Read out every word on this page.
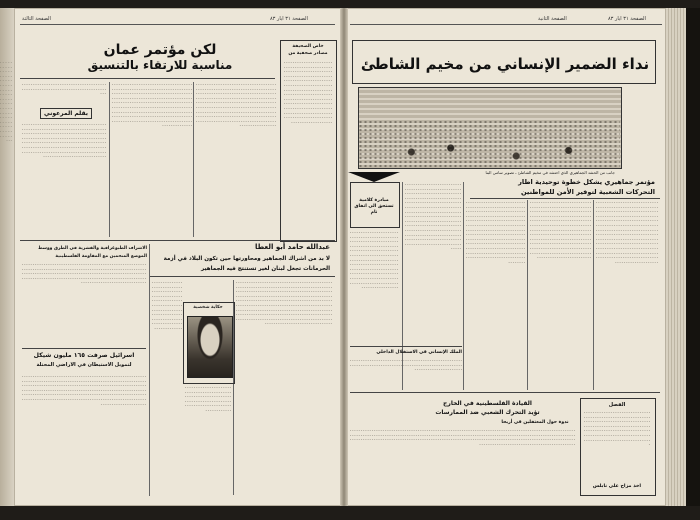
الصفحة ٣١ ايار ٨٣
الصفحة الثالثة
لكن مؤتمر عمان
مناسبة للارتقاء بالتنسيق
خاص الصحيفة
مصادر صحفية من
ـ ـ ـ ـ ـ ـ ـ ـ ـ ـ ـ ـ ـ ـ ـ ـ ـ ـ ـ ـ ـ ـ ـ ـ ـ ـ ـ ـ ـ ـ ـ ـ ـ ـ ـ ـ ـ ـ ـ ـ ـ ـ ـ ـ ـ ـ ـ ـ ـ ـ ـ ـ ـ ـ ـ ـ ـ ـ ـ ـ ـ ـ ـ ـ ـ ـ ـ ـ ـ ـ ـ ـ ـ ـ ـ ـ ـ ـ ـ ـ ـ ـ ـ ـ ـ ـ ـ ـ ـ ـ ـ ـ ـ ـ ـ ـ ـ ـ ـ ـ ـ ـ ـ ـ ـ ـ ـ ـ ـ ـ ـ ـ ـ ـ ـ ـ ـ ـ ـ ـ ـ ـ ـ ـ ـ ـ ـ ـ ـ ـ ـ ـ ـ ـ ـ ـ ـ ـ ـ ـ ـ ـ ـ ـ ـ ـ ـ ـ ـ ـ ـ ـ ـ ـ ـ ـ ـ ـ ـ ـ ـ ـ ـ ـ ـ ـ ـ ـ ـ ـ ـ ـ ـ ـ ـ ـ ـ ـ ـ ـ ـ ـ ـ ـ ـ ـ ـ ـ ـ ـ ـ ـ ـ ـ ـ ـ ـ ـ ـ ـ ـ ـ ـ ـ ـ ـ ـ ـ ـ ـ ـ ـ ـ ـ ـ ـ ـ ـ ـ ـ ـ ـ ـ ـ ـ ـ ـ ـ ـ ـ ـ ـ ـ ـ ـ ـ ـ ـ ـ ـ ـ ـ ـ ـ ـ ـ ـ ـ ـ ـ ـ ـ ـ ـ ـ ـ ـ ـ ـ ـ ـ ـ ـ ـ ـ ـ ـ ـ ـ ـ ـ ـ ـ ـ ـ ـ ـ ـ ـ ـ ـ ـ ـ ـ ـ ـ ـ ـ ـ ـ ـ ـ ـ ـ ـ ـ ـ ـ ـ ـ ـ ـ ـ ـ ـ
ـ ـ ـ ـ ـ ـ ـ ـ ـ ـ ـ ـ ـ ـ ـ ـ ـ ـ ـ ـ ـ ـ ـ ـ ـ ـ ـ ـ ـ ـ ـ ـ ـ ـ ـ ـ ـ ـ ـ ـ ـ ـ ـ ـ ـ ـ ـ ـ ـ ـ ـ ـ ـ ـ ـ ـ ـ ـ ـ ـ ـ ـ ـ ـ ـ ـ ـ ـ ـ ـ ـ ـ ـ ـ ـ ـ ـ ـ ـ ـ ـ ـ ـ ـ ـ ـ ـ ـ ـ ـ ـ ـ ـ ـ ـ ـ ـ ـ ـ ـ ـ ـ ـ ـ ـ ـ ـ ـ ـ ـ ـ ـ ـ ـ ـ ـ ـ ـ ـ ـ ـ ـ ـ ـ ـ ـ ـ ـ ـ ـ ـ ـ ـ ـ ـ ـ ـ ـ ـ ـ ـ ـ ـ ـ ـ ـ ـ ـ ـ ـ ـ ـ ـ ـ ـ ـ ـ ـ ـ ـ ـ ـ ـ ـ ـ ـ ـ ـ ـ ـ ـ ـ ـ ـ ـ ـ ـ ـ ـ ـ ـ ـ ـ ـ ـ ـ ـ ـ ـ ـ ـ ـ ـ ـ ـ ـ ـ ـ ـ ـ ـ ـ ـ ـ ـ ـ ـ ـ ـ ـ ـ ـ ـ ـ ـ ـ ـ ـ ـ ـ ـ ـ ـ ـ ـ ـ ـ ـ ـ ـ ـ ـ ـ ـ ـ ـ ـ ـ ـ ـ ـ ـ ـ ـ ـ ـ ـ ـ ـ ـ ـ ـ ـ ـ ـ ـ ـ ـ ـ ـ ـ ـ ـ ـ ـ ـ ـ ـ ـ ـ ـ ـ ـ ـ ـ ـ ـ ـ ـ ـ ـ ـ ـ ـ ـ ـ ـ ـ ـ ـ ـ ـ ـ ـ ـ ـ ـ ـ ـ ـ ـ ـ ـ ـ ـ ـ ـ ـ ـ ـ ـ ـ ـ ـ ـ ـ ـ ـ ـ ـ ـ ـ ـ ـ ـ ـ ـ ـ ـ ـ ـ ـ ـ ـ ـ ـ ـ ـ ـ ـ ـ
ـ ـ ـ ـ ـ ـ ـ ـ ـ ـ ـ ـ ـ ـ ـ ـ ـ ـ ـ ـ ـ ـ ـ ـ ـ ـ ـ ـ ـ ـ ـ ـ ـ ـ ـ ـ ـ ـ ـ ـ ـ ـ ـ ـ ـ ـ ـ ـ ـ ـ ـ ـ ـ ـ ـ ـ ـ ـ ـ ـ ـ ـ ـ ـ ـ ـ ـ ـ ـ ـ ـ ـ ـ ـ ـ ـ ـ ـ ـ ـ ـ ـ ـ ـ ـ ـ ـ ـ ـ ـ ـ ـ ـ ـ ـ ـ ـ ـ ـ ـ ـ ـ ـ ـ ـ ـ ـ ـ ـ ـ ـ ـ ـ ـ ـ ـ ـ ـ ـ ـ ـ ـ ـ ـ ـ ـ ـ ـ ـ ـ ـ ـ ـ ـ ـ ـ ـ ـ ـ ـ ـ ـ ـ ـ ـ ـ ـ ـ ـ ـ ـ ـ ـ ـ ـ ـ ـ ـ ـ ـ ـ ـ ـ ـ ـ ـ ـ ـ ـ ـ ـ ـ ـ ـ ـ ـ ـ ـ ـ ـ ـ ـ ـ ـ ـ ـ ـ ـ ـ ـ ـ ـ ـ ـ ـ ـ ـ ـ ـ ـ ـ ـ ـ ـ ـ ـ ـ ـ ـ ـ ـ ـ ـ ـ ـ ـ ـ ـ ـ ـ ـ ـ ـ ـ ـ ـ ـ ـ ـ ـ ـ ـ ـ ـ ـ ـ ـ ـ ـ ـ ـ ـ ـ ـ ـ ـ ـ ـ ـ ـ ـ ـ ـ ـ ـ ـ ـ ـ ـ ـ ـ ـ ـ ـ ـ ـ ـ ـ ـ ـ ـ ـ ـ ـ ـ ـ ـ ـ ـ ـ ـ ـ ـ ـ ـ ـ ـ ـ ـ ـ ـ ـ ـ ـ ـ ـ ـ ـ ـ ـ ـ ـ ـ ـ ـ ـ ـ ـ ـ ـ ـ ـ ـ ـ ـ ـ ـ ـ ـ ـ ـ ـ ـ ـ ـ ـ ـ ـ ـ ـ ـ ـ ـ ـ ـ ـ ـ ـ
بقلم المرعوني
ـ ـ ـ ـ ـ ـ ـ ـ ـ ـ ـ ـ ـ ـ ـ ـ ـ ـ ـ ـ ـ ـ ـ ـ ـ ـ ـ ـ ـ ـ ـ ـ ـ ـ ـ ـ ـ ـ ـ ـ ـ ـ ـ ـ ـ ـ ـ ـ ـ ـ ـ ـ ـ ـ ـ ـ ـ ـ ـ ـ ـ ـ ـ ـ ـ ـ ـ ـ ـ ـ ـ ـ ـ ـ ـ ـ ـ ـ ـ
ـ ـ ـ ـ ـ ـ ـ ـ ـ ـ ـ ـ ـ ـ ـ ـ ـ ـ ـ ـ ـ ـ ـ ـ ـ ـ ـ ـ ـ ـ ـ ـ ـ ـ ـ ـ ـ ـ ـ ـ ـ ـ ـ ـ ـ ـ ـ ـ ـ ـ ـ ـ ـ ـ ـ ـ ـ ـ ـ ـ ـ ـ ـ ـ ـ ـ ـ ـ ـ ـ ـ ـ ـ ـ ـ ـ ـ ـ ـ ـ ـ ـ ـ ـ ـ ـ ـ ـ ـ ـ ـ ـ ـ ـ ـ ـ ـ ـ ـ ـ ـ ـ ـ ـ ـ ـ ـ ـ ـ ـ ـ ـ ـ ـ ـ ـ ـ ـ ـ ـ ـ ـ ـ ـ ـ ـ ـ ـ ـ ـ ـ ـ ـ ـ ـ ـ ـ ـ ـ ـ ـ ـ ـ ـ ـ ـ ـ ـ ـ ـ ـ ـ ـ ـ ـ ـ ـ ـ ـ ـ ـ ـ ـ ـ ـ ـ ـ ـ ـ ـ ـ ـ ـ ـ ـ ـ ـ ـ ـ ـ ـ ـ ـ ـ ـ ـ ـ ـ ـ ـ ـ ـ ـ ـ ـ ـ ـ ـ ـ ـ ـ ـ ـ ـ ـ ـ ـ ـ ـ ـ ـ ـ ـ ـ ـ ـ ـ ـ ـ ـ ـ ـ ـ ـ ـ ـ ـ ـ ـ ـ ـ ـ ـ ـ ـ ـ ـ ـ ـ ـ ـ ـ ـ ـ ـ ـ ـ ـ ـ ـ ـ ـ ـ ـ ـ ـ ـ ـ ـ ـ ـ ـ ـ ـ ـ ـ ـ ـ ـ ـ ـ ـ ـ ـ ـ ـ ـ ـ ـ ـ ـ ـ ـ ـ ـ ـ ـ ـ ـ ـ ـ ـ ـ ـ ـ
عبدالله حامد أبو العطا
لا بد من اشراك الجماهير ومحاورتها حين تكون البلاد في أزمة
الحرمانات تجعل لبنان لغير تستنتج فيه الجماهير
الاشراف الطبوغرافية والقشرية في الطرق ووسط
الموضع المتحمين مع المقاومة الفلسطينية
ـ ـ ـ ـ ـ ـ ـ ـ ـ ـ ـ ـ ـ ـ ـ ـ ـ ـ ـ ـ ـ ـ ـ ـ ـ ـ ـ ـ ـ ـ ـ ـ ـ ـ ـ ـ ـ ـ ـ ـ ـ ـ ـ ـ ـ ـ ـ ـ ـ ـ ـ ـ ـ ـ ـ ـ ـ ـ ـ ـ ـ ـ ـ ـ ـ ـ ـ ـ ـ ـ ـ ـ ـ ـ ـ ـ ـ ـ ـ ـ ـ ـ ـ ـ ـ ـ ـ ـ ـ ـ ـ ـ ـ ـ ـ ـ ـ ـ ـ ـ ـ ـ ـ ـ ـ ـ ـ ـ ـ ـ ـ ـ ـ ـ ـ ـ ـ ـ ـ ـ ـ ـ ـ ـ ـ ـ ـ ـ ـ ـ ـ ـ ـ ـ ـ ـ ـ ـ ـ ـ ـ ـ ـ ـ ـ ـ ـ ـ ـ ـ ـ ـ ـ ـ ـ ـ ـ ـ ـ ـ ـ ـ ـ ـ ـ ـ ـ ـ ـ ـ ـ ـ ـ ـ ـ ـ ـ ـ ـ ـ ـ ـ ـ ـ ـ ـ ـ ـ ـ ـ ـ ـ ـ ـ ـ ـ ـ ـ ـ ـ ـ ـ ـ ـ ـ ـ ـ ـ ـ ـ ـ ـ ـ ـ ـ ـ ـ ـ ـ ـ ـ ـ ـ ـ ـ ـ ـ ـ ـ ـ ـ ـ ـ ـ ـ ـ ـ ـ ـ ـ ـ ـ ـ ـ ـ ـ ـ ـ ـ ـ ـ ـ ـ ـ ـ ـ ـ ـ ـ ـ ـ ـ ـ ـ ـ ـ ـ ـ ـ ـ ـ ـ ـ ـ ـ ـ ـ ـ ـ ـ ـ ـ ـ ـ ـ ـ ـ ـ ـ ـ ـ ـ ـ ـ ـ ـ ـ ـ ـ ـ ـ ـ ـ ـ ـ ـ ـ ـ ـ ـ ـ ـ ـ ـ ـ ـ ـ ـ ـ ـ ـ ـ ـ ـ ـ ـ ـ ـ ـ ـ ـ ـ ـ ـ ـ ـ ـ ـ ـ ـ ـ ـ ـ ـ ـ ـ ـ ـ ـ ـ ـ ـ ـ ـ ـ ـ ـ ـ ـ ـ ـ ـ ـ ـ ـ ـ ـ ـ ـ ـ ـ ـ ـ ـ ـ ـ ـ ـ ـ ـ ـ ـ ـ ـ ـ ـ ـ ـ ـ ـ ـ ـ ـ ـ ـ ـ ـ ـ ـ ـ ـ ـ ـ ـ ـ ـ ـ ـ ـ ـ ـ ـ ـ ـ ـ ـ ـ ـ ـ ـ ـ ـ ـ ـ ـ ـ ـ
حكاية شخصية
ـ ـ ـ ـ ـ ـ ـ ـ ـ ـ ـ ـ ـ ـ ـ ـ ـ ـ ـ ـ ـ ـ ـ ـ ـ ـ ـ ـ ـ ـ ـ ـ ـ ـ ـ ـ ـ ـ ـ ـ ـ ـ ـ ـ ـ ـ ـ ـ ـ ـ ـ ـ ـ ـ ـ ـ ـ ـ ـ ـ ـ ـ ـ ـ ـ ـ ـ ـ ـ ـ ـ ـ ـ ـ ـ ـ ـ ـ ـ ـ ـ ـ ـ ـ ـ ـ ـ ـ ـ ـ ـ ـ ـ ـ ـ ـ ـ ـ ـ ـ ـ ـ ـ ـ ـ ـ ـ ـ ـ ـ ـ ـ ـ ـ ـ ـ ـ ـ ـ ـ ـ ـ ـ ـ ـ ـ ـ ـ ـ ـ ـ ـ ـ ـ ـ ـ ـ ـ ـ ـ ـ ـ ـ ـ ـ ـ ـ ـ ـ ـ ـ ـ ـ
ـ ـ ـ ـ ـ ـ ـ ـ ـ ـ ـ ـ ـ ـ ـ ـ ـ ـ ـ ـ ـ ـ ـ ـ ـ ـ ـ ـ ـ ـ ـ ـ ـ ـ ـ ـ ـ ـ ـ ـ ـ ـ ـ ـ ـ ـ ـ ـ ـ ـ ـ ـ ـ ـ ـ ـ ـ ـ ـ ـ ـ ـ ـ ـ ـ ـ ـ ـ ـ ـ ـ ـ ـ ـ ـ ـ ـ ـ ـ ـ ـ ـ ـ ـ ـ ـ ـ ـ ـ ـ ـ ـ ـ ـ ـ ـ ـ ـ ـ ـ ـ ـ ـ ـ ـ ـ ـ ـ ـ ـ ـ ـ ـ ـ ـ ـ ـ
ـ ـ ـ ـ ـ ـ ـ ـ ـ ـ ـ ـ ـ ـ ـ ـ ـ ـ ـ ـ ـ ـ ـ ـ ـ ـ ـ ـ ـ ـ ـ ـ ـ ـ ـ ـ ـ ـ ـ ـ ـ ـ ـ ـ ـ ـ ـ ـ ـ ـ ـ ـ ـ ـ ـ ـ ـ ـ ـ ـ ـ ـ ـ ـ ـ ـ ـ ـ ـ ـ ـ ـ ـ ـ ـ ـ ـ ـ ـ ـ ـ ـ ـ ـ ـ ـ ـ ـ ـ ـ ـ ـ ـ ـ ـ ـ ـ ـ ـ ـ ـ ـ ـ ـ ـ ـ ـ ـ ـ ـ ـ ـ ـ ـ ـ ـ ـ ـ ـ ـ ـ ـ ـ ـ ـ ـ ـ ـ ـ ـ ـ ـ ـ ـ ـ ـ ـ ـ ـ ـ ـ ـ ـ ـ ـ ـ ـ ـ ـ ـ ـ ـ ـ ـ ـ ـ ـ ـ ـ ـ ـ ـ ـ ـ ـ ـ ـ ـ ـ ـ ـ ـ ـ ـ ـ ـ ـ ـ ـ ـ ـ ـ ـ ـ ـ ـ ـ ـ ـ ـ ـ ـ ـ ـ ـ ـ ـ ـ ـ ـ ـ ـ ـ ـ ـ ـ ـ ـ ـ ـ ـ ـ ـ ـ ـ ـ ـ ـ ـ ـ ـ ـ ـ ـ ـ ـ ـ ـ ـ ـ ـ ـ ـ ـ ـ ـ ـ ـ ـ ـ ـ ـ ـ ـ ـ ـ ـ ـ ـ ـ ـ ـ ـ ـ ـ ـ ـ ـ
اسرائيل صرفت ١٦٥ مليون شيكل
لتمويل الاستيطان في الاراضي المحتلة
ـ ـ ـ ـ ـ ـ ـ ـ ـ ـ ـ ـ ـ ـ ـ ـ ـ ـ ـ ـ ـ ـ ـ ـ ـ ـ ـ ـ ـ ـ ـ ـ ـ ـ ـ ـ ـ ـ ـ ـ ـ ـ ـ ـ ـ ـ ـ ـ ـ ـ ـ ـ ـ ـ ـ ـ ـ ـ ـ ـ ـ ـ ـ ـ ـ ـ ـ ـ ـ ـ ـ ـ ـ ـ ـ ـ ـ ـ ـ ـ ـ ـ ـ ـ ـ ـ ـ ـ ـ ـ ـ ـ ـ ـ ـ ـ ـ ـ ـ ـ ـ ـ ـ ـ ـ ـ ـ ـ ـ ـ ـ ـ ـ ـ ـ ـ ـ ـ ـ ـ ـ ـ ـ ـ ـ ـ ـ ـ ـ ـ ـ ـ ـ ـ ـ ـ ـ ـ ـ ـ ـ ـ ـ ـ ـ ـ ـ ـ ـ ـ ـ ـ ـ ـ ـ ـ ـ ـ ـ ـ ـ ـ ـ ـ ـ ـ ـ ـ ـ ـ ـ ـ ـ ـ ـ ـ ـ ـ ـ ـ ـ ـ ـ ـ ـ ـ ـ ـ ـ ـ ـ ـ ـ ـ ـ ـ ـ ـ ـ ـ ـ ـ ـ ـ ـ ـ ـ ـ ـ ـ ـ ـ ـ ـ ـ ـ ـ ـ ـ ـ ـ ـ ـ ـ ـ ـ ـ ـ ـ ـ ـ ـ ـ ـ ـ ـ ـ ـ ـ ـ ـ ـ ـ ـ ـ ـ ـ ـ ـ ـ ـ ـ ـ ـ ـ ـ ـ ـ ـ ـ ـ ـ ـ ـ ـ ـ ـ ـ ـ ـ ـ ـ ـ ـ ـ ـ ـ ـ ـ ـ ـ ـ ـ ـ ـ ـ ـ ـ ـ ـ ـ ـ ـ ـ ـ ـ ـ ـ ـ ـ ـ ـ ـ ـ ـ ـ ـ ـ ـ ـ ـ ـ ـ ـ ـ ـ ـ ـ ـ ـ ـ ـ ـ ـ ـ ـ ـ ـ ـ ـ ـ ـ ـ ـ ـ ـ ـ ـ ـ ـ ـ ـ ـ ـ ـ ـ ـ ـ ـ ـ ـ ـ ـ ـ ـ ـ ـ ـ ـ ـ ـ ـ ـ
الصفحة ٣١ ايار ٨٣
الصفحة الثانية
نداء الضمير الإنساني من مخيم الشاطئ
جانب من الحشد الجماهيري الذي احتشد في مخيم الشاطئ ـ تصوير سامي البنا
مؤتمر جماهيري يشكل خطوة توحيدية اطار
التحركات الشعبية لتوفير الأمن للمواطنين
ـ ـ ـ ـ ـ ـ ـ ـ ـ ـ ـ ـ ـ ـ ـ ـ ـ ـ ـ ـ ـ ـ ـ ـ ـ ـ ـ ـ ـ ـ ـ ـ ـ ـ ـ ـ ـ ـ ـ ـ ـ ـ ـ ـ ـ ـ ـ ـ ـ ـ ـ ـ ـ ـ ـ ـ ـ ـ ـ ـ ـ ـ ـ ـ ـ ـ ـ ـ ـ ـ ـ ـ ـ ـ ـ ـ ـ ـ ـ ـ ـ ـ ـ ـ ـ ـ ـ ـ ـ ـ ـ ـ ـ ـ ـ ـ ـ ـ ـ ـ ـ ـ ـ ـ ـ ـ ـ ـ ـ ـ ـ ـ ـ ـ ـ ـ ـ ـ ـ ـ ـ ـ ـ ـ ـ ـ ـ ـ ـ ـ ـ ـ ـ ـ ـ ـ ـ ـ ـ ـ ـ ـ ـ ـ ـ ـ ـ ـ ـ ـ ـ ـ ـ ـ ـ ـ ـ ـ ـ ـ ـ ـ ـ ـ ـ ـ ـ ـ ـ ـ ـ ـ ـ ـ ـ ـ ـ ـ ـ ـ ـ ـ ـ ـ ـ ـ ـ ـ ـ ـ ـ ـ ـ ـ ـ ـ ـ ـ ـ ـ ـ ـ ـ ـ ـ ـ ـ ـ ـ ـ ـ ـ ـ ـ ـ ـ ـ ـ ـ ـ ـ ـ ـ ـ ـ ـ ـ ـ ـ ـ ـ ـ ـ ـ ـ ـ ـ ـ ـ ـ ـ ـ ـ ـ ـ ـ ـ ـ ـ ـ ـ ـ ـ ـ ـ ـ ـ ـ ـ ـ ـ ـ ـ ـ ـ ـ ـ ـ ـ ـ ـ ـ ـ ـ ـ ـ ـ ـ ـ ـ ـ ـ ـ ـ ـ ـ ـ ـ ـ ـ ـ ـ ـ ـ ـ ـ ـ ـ ـ ـ ـ ـ ـ ـ ـ ـ ـ ـ ـ ـ ـ ـ ـ ـ ـ ـ ـ ـ ـ ـ ـ ـ ـ ـ ـ ـ ـ ـ ـ ـ ـ ـ ـ ـ ـ ـ ـ ـ ـ ـ ـ ـ ـ ـ ـ ـ ـ ـ ـ ـ ـ ـ ـ ـ ـ ـ ـ ـ ـ ـ ـ ـ ـ ـ ـ ـ ـ ـ ـ ـ ـ ـ ـ ـ ـ ـ ـ ـ ـ ـ ـ ـ ـ ـ
ـ ـ ـ ـ ـ ـ ـ ـ ـ ـ ـ ـ ـ ـ ـ ـ ـ ـ ـ ـ ـ ـ ـ ـ ـ ـ ـ ـ ـ ـ ـ ـ ـ ـ ـ ـ ـ ـ ـ ـ ـ ـ ـ ـ ـ ـ ـ ـ ـ ـ ـ ـ ـ ـ ـ ـ ـ ـ ـ ـ ـ ـ ـ ـ ـ ـ ـ ـ ـ ـ ـ ـ ـ ـ ـ ـ ـ ـ ـ ـ ـ ـ ـ ـ ـ ـ ـ ـ ـ ـ ـ ـ ـ ـ ـ ـ ـ ـ ـ ـ ـ ـ ـ ـ ـ ـ ـ ـ ـ ـ ـ ـ ـ ـ ـ ـ ـ ـ ـ ـ ـ ـ ـ ـ ـ ـ ـ ـ ـ ـ ـ ـ ـ ـ ـ ـ ـ ـ ـ ـ ـ ـ ـ ـ ـ ـ ـ ـ ـ ـ ـ ـ ـ ـ ـ ـ ـ ـ ـ ـ ـ ـ ـ ـ ـ ـ ـ ـ ـ ـ ـ ـ ـ ـ ـ ـ ـ ـ ـ ـ ـ ـ ـ ـ ـ ـ ـ ـ ـ ـ ـ ـ ـ ـ ـ ـ ـ ـ ـ ـ ـ ـ ـ ـ ـ ـ ـ ـ ـ ـ ـ ـ ـ ـ ـ ـ ـ ـ ـ ـ ـ ـ ـ ـ ـ ـ ـ ـ ـ ـ ـ ـ ـ ـ ـ ـ ـ ـ ـ ـ ـ ـ ـ ـ ـ ـ ـ ـ ـ ـ ـ ـ ـ ـ ـ ـ ـ ـ ـ ـ ـ ـ ـ ـ ـ ـ ـ ـ ـ ـ ـ ـ ـ ـ ـ ـ ـ ـ ـ ـ ـ ـ ـ ـ ـ ـ ـ ـ ـ ـ ـ ـ ـ ـ ـ ـ ـ ـ ـ ـ ـ ـ ـ ـ ـ ـ ـ ـ ـ ـ ـ ـ ـ ـ ـ ـ ـ ـ ـ ـ ـ ـ ـ ـ ـ ـ ـ ـ ـ ـ ـ ـ ـ ـ ـ ـ ـ ـ ـ ـ ـ ـ ـ ـ ـ ـ ـ ـ ـ ـ ـ ـ ـ ـ ـ ـ ـ ـ ـ ـ ـ
ـ ـ ـ ـ ـ ـ ـ ـ ـ ـ ـ ـ ـ ـ ـ ـ ـ ـ ـ ـ ـ ـ ـ ـ ـ ـ ـ ـ ـ ـ ـ ـ ـ ـ ـ ـ ـ ـ ـ ـ ـ ـ ـ ـ ـ ـ ـ ـ ـ ـ ـ ـ ـ ـ ـ ـ ـ ـ ـ ـ ـ ـ ـ ـ ـ ـ ـ ـ ـ ـ ـ ـ ـ ـ ـ ـ ـ ـ ـ ـ ـ ـ ـ ـ ـ ـ ـ ـ ـ ـ ـ ـ ـ ـ ـ ـ ـ ـ ـ ـ ـ ـ ـ ـ ـ ـ ـ ـ ـ ـ ـ ـ ـ ـ ـ ـ ـ ـ ـ ـ ـ ـ ـ ـ ـ ـ ـ ـ ـ ـ ـ ـ ـ ـ ـ ـ ـ ـ ـ ـ ـ ـ ـ ـ ـ ـ ـ ـ ـ ـ ـ ـ ـ ـ ـ ـ ـ ـ ـ ـ ـ ـ ـ ـ ـ ـ ـ ـ ـ ـ ـ ـ ـ ـ ـ ـ ـ ـ ـ ـ ـ ـ ـ ـ ـ ـ ـ ـ ـ ـ ـ ـ ـ ـ ـ ـ ـ ـ ـ ـ ـ ـ ـ ـ ـ ـ ـ ـ ـ ـ ـ ـ ـ ـ ـ ـ ـ ـ ـ ـ ـ ـ ـ ـ ـ ـ ـ ـ ـ ـ ـ ـ ـ ـ ـ ـ ـ ـ ـ ـ ـ ـ ـ ـ ـ ـ ـ ـ ـ ـ ـ ـ ـ ـ ـ ـ ـ ـ ـ ـ ـ ـ ـ ـ ـ ـ ـ ـ ـ ـ ـ ـ ـ ـ ـ ـ ـ ـ ـ ـ ـ ـ ـ ـ ـ ـ ـ ـ ـ ـ ـ ـ ـ ـ ـ ـ ـ ـ ـ ـ ـ ـ ـ ـ ـ ـ ـ ـ ـ ـ ـ ـ ـ ـ ـ ـ ـ ـ ـ ـ ـ ـ ـ ـ ـ ـ ـ ـ ـ ـ ـ ـ ـ ـ ـ ـ ـ ـ ـ ـ ـ ـ ـ ـ ـ ـ ـ ـ ـ ـ ـ ـ ـ ـ ـ ـ ـ ـ ـ
ـ ـ ـ ـ ـ ـ ـ ـ ـ ـ ـ ـ ـ ـ ـ ـ ـ ـ ـ ـ ـ ـ ـ ـ ـ ـ ـ ـ ـ ـ ـ ـ ـ ـ ـ ـ ـ ـ ـ ـ ـ ـ ـ ـ ـ ـ ـ ـ ـ ـ ـ ـ ـ ـ ـ ـ ـ ـ ـ ـ ـ ـ ـ ـ ـ ـ ـ ـ ـ ـ ـ ـ ـ ـ ـ ـ ـ ـ ـ ـ ـ ـ ـ ـ ـ ـ ـ ـ ـ ـ ـ ـ ـ ـ ـ ـ ـ ـ ـ ـ ـ ـ ـ ـ ـ ـ ـ ـ ـ ـ ـ ـ ـ ـ ـ ـ ـ ـ ـ ـ ـ ـ ـ ـ ـ ـ ـ ـ ـ ـ ـ ـ ـ ـ ـ ـ ـ ـ ـ ـ ـ ـ ـ ـ ـ ـ ـ ـ ـ ـ ـ ـ ـ ـ ـ ـ ـ ـ ـ ـ ـ ـ ـ ـ ـ ـ ـ ـ ـ ـ ـ ـ ـ ـ ـ ـ ـ ـ ـ ـ ـ ـ ـ ـ ـ ـ ـ ـ ـ ـ ـ ـ ـ ـ ـ ـ ـ ـ ـ ـ ـ ـ ـ ـ ـ ـ ـ ـ ـ ـ ـ ـ ـ ـ ـ ـ ـ ـ ـ ـ ـ ـ ـ ـ ـ ـ ـ ـ ـ ـ ـ ـ ـ ـ ـ ـ ـ ـ ـ ـ ـ ـ ـ ـ ـ ـ ـ ـ ـ ـ ـ ـ ـ ـ ـ ـ ـ ـ ـ ـ ـ ـ ـ ـ ـ ـ ـ ـ ـ ـ ـ ـ ـ ـ ـ ـ ـ ـ ـ ـ ـ ـ ـ ـ ـ ـ ـ ـ ـ ـ ـ ـ ـ ـ ـ ـ ـ ـ ـ ـ ـ ـ ـ ـ ـ ـ ـ ـ ـ ـ ـ ـ ـ ـ ـ ـ ـ ـ ـ ـ ـ ـ ـ ـ ـ ـ ـ ـ ـ ـ ـ ـ ـ ـ ـ ـ ـ ـ ـ ـ ـ ـ ـ ـ ـ ـ ـ ـ ـ ـ ـ ـ ـ ـ ـ ـ ـ ـ ـ ـ ـ ـ ـ ـ ـ ـ ـ ـ ـ
مبادرة كلامية تستحق الى اتفاق تام
ـ ـ ـ ـ ـ ـ ـ ـ ـ ـ ـ ـ ـ ـ ـ ـ ـ ـ ـ ـ ـ ـ ـ ـ ـ ـ ـ ـ ـ ـ ـ ـ ـ ـ ـ ـ ـ ـ ـ ـ ـ ـ ـ ـ ـ ـ ـ ـ ـ ـ ـ ـ ـ ـ ـ ـ ـ ـ ـ ـ ـ ـ ـ ـ ـ ـ ـ ـ ـ ـ ـ ـ ـ ـ ـ ـ ـ ـ ـ ـ ـ ـ ـ ـ ـ ـ ـ ـ ـ ـ ـ ـ ـ ـ ـ ـ ـ ـ ـ ـ ـ ـ ـ ـ ـ ـ ـ ـ ـ ـ ـ ـ ـ ـ ـ ـ ـ ـ ـ ـ ـ ـ ـ ـ ـ ـ ـ ـ ـ ـ ـ ـ ـ ـ ـ ـ ـ ـ ـ ـ ـ ـ ـ ـ ـ ـ ـ ـ ـ ـ ـ ـ ـ ـ ـ ـ ـ ـ ـ ـ ـ ـ ـ ـ ـ ـ ـ ـ ـ ـ ـ ـ ـ ـ ـ ـ ـ ـ ـ ـ ـ ـ ـ ـ ـ ـ ـ ـ ـ ـ ـ ـ ـ ـ ـ ـ ـ ـ ـ ـ ـ ـ ـ ـ ـ ـ ـ ـ ـ ـ ـ ـ ـ ـ ـ ـ ـ ـ ـ ـ ـ ـ ـ ـ ـ ـ ـ ـ ـ ـ ـ ـ ـ ـ ـ ـ ـ ـ ـ ـ ـ ـ ـ ـ ـ ـ ـ ـ ـ ـ ـ ـ ـ ـ ـ ـ ـ ـ ـ ـ ـ ـ ـ ـ ـ ـ ـ ـ ـ ـ ـ ـ ـ ـ ـ ـ ـ ـ ـ ـ ـ
الملك الإنساني في الاستقلال الداخلي
ـ ـ ـ ـ ـ ـ ـ ـ ـ ـ ـ ـ ـ ـ ـ ـ ـ ـ ـ ـ ـ ـ ـ ـ ـ ـ ـ ـ ـ ـ ـ ـ ـ ـ ـ ـ ـ ـ ـ ـ ـ ـ ـ ـ ـ ـ ـ ـ ـ ـ ـ ـ ـ ـ ـ ـ ـ ـ ـ ـ ـ ـ ـ ـ ـ ـ ـ ـ ـ ـ ـ ـ ـ ـ ـ ـ ـ ـ ـ ـ ـ ـ ـ ـ ـ ـ ـ ـ ـ ـ ـ ـ ـ ـ ـ ـ ـ ـ ـ ـ ـ ـ ـ ـ ـ ـ ـ ـ ـ ـ ـ ـ ـ ـ ـ ـ ـ ـ ـ ـ ـ ـ ـ ـ
القيادة الفلسطينية في الخارج
تؤيد التحرك الشعبي ضد الممارسات
ندوة حول المعتقلين في أريحا
ـ ـ ـ ـ ـ ـ ـ ـ ـ ـ ـ ـ ـ ـ ـ ـ ـ ـ ـ ـ ـ ـ ـ ـ ـ ـ ـ ـ ـ ـ ـ ـ ـ ـ ـ ـ ـ ـ ـ ـ ـ ـ ـ ـ ـ ـ ـ ـ ـ ـ ـ ـ ـ ـ ـ ـ ـ ـ ـ ـ ـ ـ ـ ـ ـ ـ ـ ـ ـ ـ ـ ـ ـ ـ ـ ـ ـ ـ ـ ـ ـ ـ ـ ـ ـ ـ ـ ـ ـ ـ ـ ـ ـ ـ ـ ـ ـ ـ ـ ـ ـ ـ ـ ـ ـ ـ ـ ـ ـ ـ ـ ـ ـ ـ ـ ـ ـ ـ ـ ـ ـ ـ ـ ـ ـ ـ ـ ـ ـ ـ ـ ـ ـ ـ ـ ـ ـ ـ ـ ـ ـ ـ ـ ـ ـ ـ ـ ـ ـ ـ ـ ـ ـ ـ ـ ـ ـ ـ ـ ـ ـ ـ ـ ـ ـ ـ ـ ـ ـ ـ ـ ـ ـ ـ ـ ـ ـ ـ ـ ـ ـ ـ ـ ـ ـ ـ ـ ـ ـ ـ ـ ـ ـ ـ ـ ـ ـ ـ ـ ـ ـ ـ ـ ـ ـ ـ ـ ـ ـ ـ ـ ـ ـ ـ ـ ـ ـ ـ ـ ـ ـ ـ ـ ـ ـ ـ ـ ـ ـ ـ ـ ـ ـ ـ ـ ـ ـ ـ ـ ـ ـ ـ ـ ـ ـ ـ ـ ـ ـ ـ ـ ـ ـ ـ ـ ـ ـ ـ ـ ـ ـ ـ ـ ـ ـ ـ ـ ـ ـ ـ ـ ـ ـ ـ ـ ـ ـ ـ ـ ـ ـ ـ ـ ـ ـ ـ ـ ـ ـ ـ ـ ـ ـ ـ ـ ـ ـ ـ ـ ـ ـ ـ ـ ـ ـ ـ ـ ـ ـ ـ ـ ـ ـ ـ ـ ـ ـ ـ ـ ـ ـ ـ ـ ـ ـ ـ ـ ـ ـ ـ ـ ـ ـ ـ ـ ـ ـ ـ ـ ـ ـ ـ ـ ـ ـ ـ ـ ـ ـ ـ ـ ـ ـ
الفصل
ـ ـ ـ ـ ـ ـ ـ ـ ـ ـ ـ ـ ـ ـ ـ ـ ـ ـ ـ ـ ـ ـ ـ ـ ـ ـ ـ ـ ـ ـ ـ ـ ـ ـ ـ ـ ـ ـ ـ ـ ـ ـ ـ ـ ـ ـ ـ ـ ـ ـ ـ ـ ـ ـ ـ ـ ـ ـ ـ ـ ـ ـ ـ ـ ـ ـ ـ ـ ـ ـ ـ ـ ـ ـ ـ ـ ـ ـ ـ ـ ـ ـ ـ ـ ـ ـ ـ ـ ـ ـ ـ ـ ـ ـ ـ ـ ـ ـ ـ ـ ـ ـ ـ ـ ـ ـ ـ ـ ـ ـ ـ ـ ـ ـ ـ ـ ـ ـ ـ ـ ـ ـ ـ ـ ـ ـ ـ ـ ـ ـ ـ ـ ـ ـ ـ ـ ـ ـ ـ ـ ـ ـ ـ ـ ـ ـ ـ ـ ـ ـ ـ ـ ـ ـ ـ ـ ـ ـ ـ ـ ـ ـ ـ ـ ـ ـ ـ ـ ـ ـ ـ ـ ـ ـ ـ ـ ـ ـ ـ ـ ـ ـ ـ ـ ـ ـ ـ ـ ـ ـ ـ ـ ـ ـ ـ ـ ـ ـ ـ ـ ـ ـ ـ ـ ـ ـ ـ ـ ـ ـ ـ
اخذ مزاح علي نابلس
ـ ـ ـ ـ ـ ـ ـ ـ ـ ـ ـ ـ ـ ـ ـ ـ ـ ـ ـ ـ ـ ـ ـ ـ ـ ـ ـ ـ ـ ـ ـ ـ ـ ـ ـ ـ ـ ـ ـ ـ ـ ـ ـ ـ ـ ـ ـ ـ ـ ـ ـ ـ ـ ـ ـ ـ ـ ـ ـ ـ ـ ـ ـ ـ ـ ـ ـ ـ ـ ـ ـ ـ ـ ـ ـ ـ ـ ـ ـ ـ ـ ـ ـ ـ ـ ـ ـ ـ
